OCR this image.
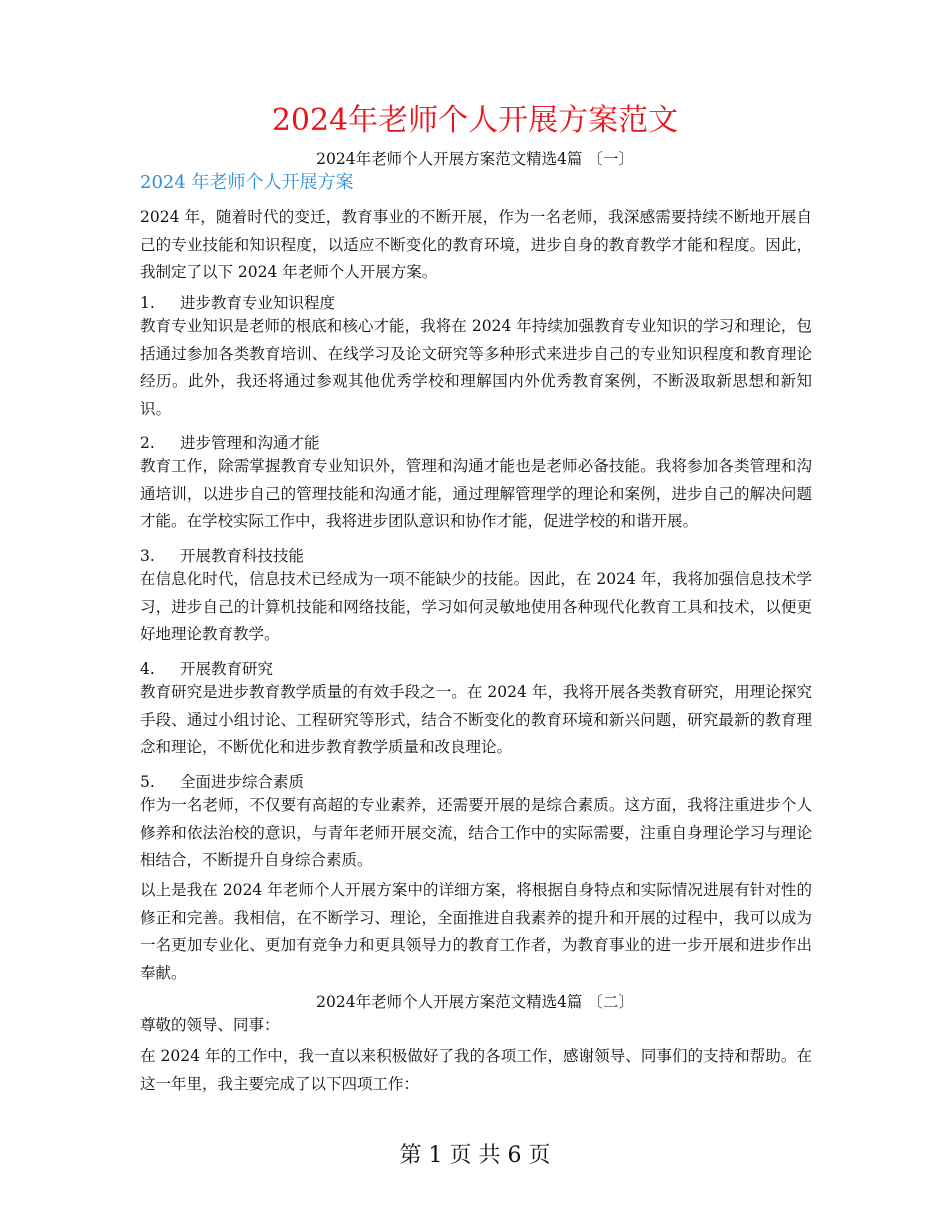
2024年老师个人开展方案范文

2024年老师个人开展方案范文精选4篇 〔一〕

2024 年老师个人开展方案

2024 年，随着时代的变迁，教育事业的不断开展，作为一名老师，我深感需要持续不断地开展自己的专业技能和知识程度，以适应不断变化的教育环境，进步自身的教育教学才能和程度。因此，我制定了以下 2024 年老师个人开展方案。

1. 进步教育专业知识程度

教育专业知识是老师的根底和核心才能，我将在 2024 年持续加强教育专业知识的学习和理论，包括通过参加各类教育培训、在线学习及论文研究等多种形式来进步自己的专业知识程度和教育理论经历。此外，我还将通过参观其他优秀学校和理解国内外优秀教育案例，不断汲取新思想和新知识。

2. 进步管理和沟通才能

教育工作，除需掌握教育专业知识外，管理和沟通才能也是老师必备技能。我将参加各类管理和沟通培训，以进步自己的管理技能和沟通才能，通过理解管理学的理论和案例，进步自己的解决问题才能。在学校实际工作中，我将进步团队意识和协作才能，促进学校的和谐开展。

3. 开展教育科技技能

在信息化时代，信息技术已经成为一项不能缺少的技能。因此，在 2024 年，我将加强信息技术学习，进步自己的计算机技能和网络技能，学习如何灵敏地使用各种现代化教育工具和技术，以便更好地理论教育教学。

4. 开展教育研究

教育研究是进步教育教学质量的有效手段之一。在 2024 年，我将开展各类教育研究，用理论探究手段、通过小组讨论、工程研究等形式，结合不断变化的教育环境和新兴问题，研究最新的教育理念和理论，不断优化和进步教育教学质量和改良理论。

5. 全面进步综合素质

作为一名老师，不仅要有高超的专业素养，还需要开展的是综合素质。这方面，我将注重进步个人修养和依法治校的意识，与青年老师开展交流，结合工作中的实际需要，注重自身理论学习与理论相结合，不断提升自身综合素质。

以上是我在 2024 年老师个人开展方案中的详细方案，将根据自身特点和实际情况进展有针对性的修正和完善。我相信，在不断学习、理论，全面推进自我素养的提升和开展的过程中，我可以成为一名更加专业化、更加有竞争力和更具领导力的教育工作者，为教育事业的进一步开展和进步作出奉献。

2024年老师个人开展方案范文精选4篇 〔二〕

尊敬的领导、同事：

在 2024 年的工作中，我一直以来积极做好了我的各项工作，感谢领导、同事们的支持和帮助。在这一年里，我主要完成了以下四项工作：

第 1 页 共 6 页
